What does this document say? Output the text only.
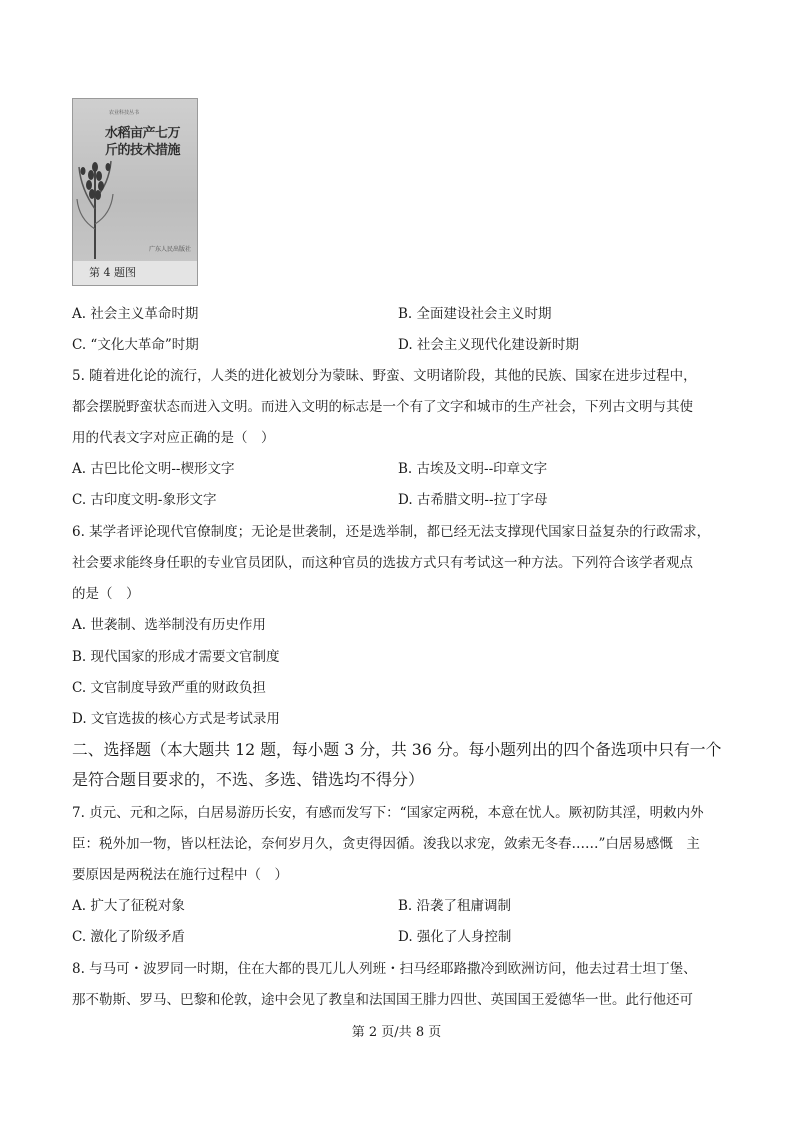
农业科技丛书
水稻亩产七万斤的技术措施
广东人民出版社
第 4 题图
A. 社会主义革命时期	B. 全面建设社会主义时期
C. “文化大革命”时期	D. 社会主义现代化建设新时期
5. 随着进化论的流行，人类的进化被划分为蒙昧、野蛮、文明诸阶段，其他的民族、国家在进步过程中，
都会摆脱野蛮状态而进入文明。而进入文明的标志是一个有了文字和城市的生产社会，下列古文明与其使
用的代表文字对应正确的是（　）
A. 古巴比伦文明--楔形文字	B. 古埃及文明--印章文字
C. 古印度文明-象形文字	D. 古希腊文明--拉丁字母
6. 某学者评论现代官僚制度；无论是世袭制，还是选举制，都已经无法支撑现代国家日益复杂的行政需求，
社会要求能终身任职的专业官员团队，而这种官员的选拔方式只有考试这一种方法。下列符合该学者观点
的是（　）
A. 世袭制、选举制没有历史作用
B. 现代国家的形成才需要文官制度
C. 文官制度导致严重的财政负担
D. 文官选拔的核心方式是考试录用
二、选择题（本大题共 12 题，每小题 3 分，共 36 分。每小题列出的四个备选项中只有一个
是符合题目要求的，不选、多选、错选均不得分）
7. 贞元、元和之际，白居易游历长安，有感而发写下：“国家定两税，本意在忧人。厥初防其淫，明敕内外
臣：税外加一物，皆以枉法论，奈何岁月久，贪吏得因循。浚我以求宠，敛索无冬春……”白居易感慨　主
要原因是两税法在施行过程中（　）
A. 扩大了征税对象	B. 沿袭了租庸调制
C. 激化了阶级矛盾	D. 强化了人身控制
8. 与马可・波罗同一时期，住在大都的畏兀儿人列班・扫马经耶路撒冷到欧洲访问，他去过君士坦丁堡、
那不勒斯、罗马、巴黎和伦敦，途中会见了教皇和法国国王腓力四世、英国国王爱德华一世。此行他还可
第 2 页/共 8 页
